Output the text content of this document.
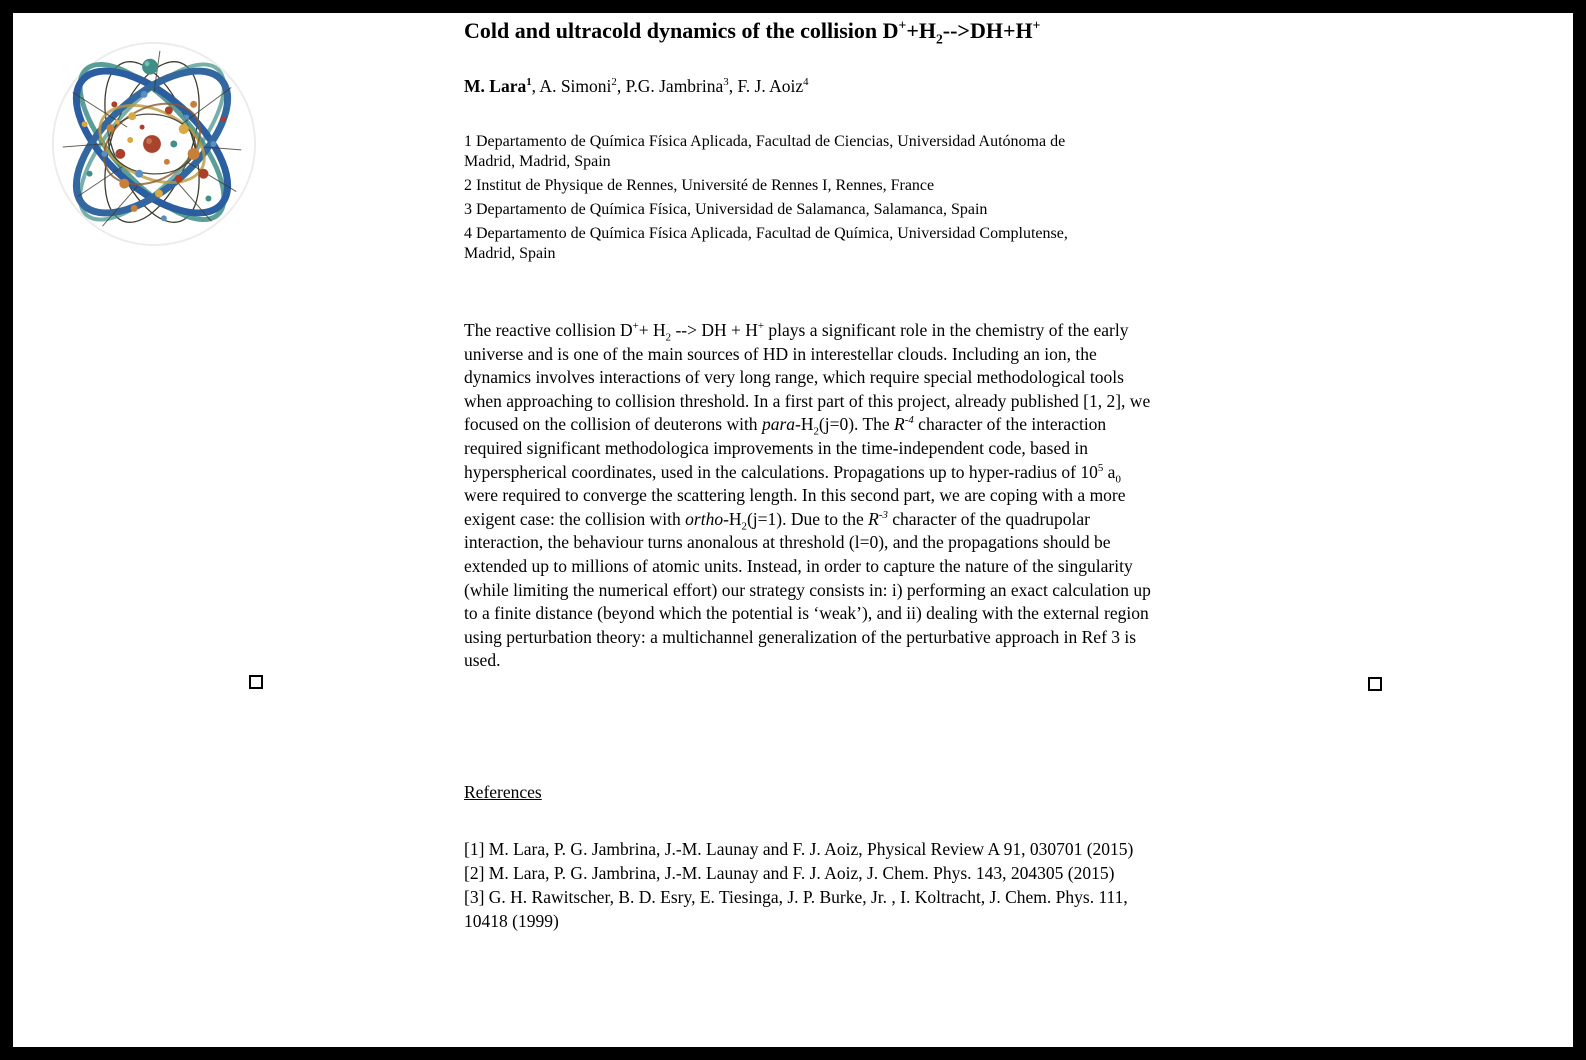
Cold and ultracold dynamics of the collision $D^++H_2-->DH+H^+$
M. Lara$^1$, A. Simoni$^2$, P.G. Jambrina$^3$, F. J. Aoiz$^4$

1 Departamento de Química Física Aplicada, Facultad de Ciencias, Universidad Autónoma de Madrid, Madrid, Spain

2 Institut de Physique de Rennes, Université de Rennes I, Rennes, France

3 Departamento de Química Física, Universidad de Salamanca, Salamanca, Spain

4 Departamento de Química Física Aplicada, Facultad de Química, Universidad Complutense, Madrid, Spain

The reactive collision $D^++ H_2$ --> DH + H+ plays a significant role in the chemistry of the early universe and is one of the main sources of HD in interestellar clouds. Including an ion, the dynamics involves interactions of very long range, which require special methodological tools when approaching to collision threshold. In a first part of this project, already published [1, 2], we focused on the collision of deuterons with para-$H_2(j=0)$. The $R^{-4}$ character of the interaction required significant methodologica improvements in the time-independent code, based in hyperspherical coordinates, used in the calculations. Propagations up to hyper-radius of $10^5$ $a_0$ were required to converge the scattering length. In this second part, we are coping with a more exigent case: the collision with ortho-$H_2(j=1)$. Due to the $R^{-3}$ character of the quadrupolar interaction, the behaviour turns anonalous at threshold (l=0), and the propagations should be extended up to millions of atomic units. Instead, in order to capture the nature of the singularity (while limiting the numerical effort) our strategy consists in: i) performing an exact calculation up to a finite distance (beyond which the potential is ‘weak’), and ii) dealing with the external region using perturbation theory: a multichannel generalization of the perturbative approach in Ref 3 is used.

References
[1] M. Lara, P. G. Jambrina, J.-M. Launay and F. J. Aoiz, Physical Review A 91, 030701 (2015)
[2] M. Lara, P. G. Jambrina, J.-M. Launay and F. J. Aoiz, J. Chem. Phys. 143, 204305 (2015)
[3] G. H. Rawitscher, B. D. Esry, E. Tiesinga, J. P. Burke, Jr. , I. Koltracht, J. Chem. Phys. 111, 10418 (1999)
